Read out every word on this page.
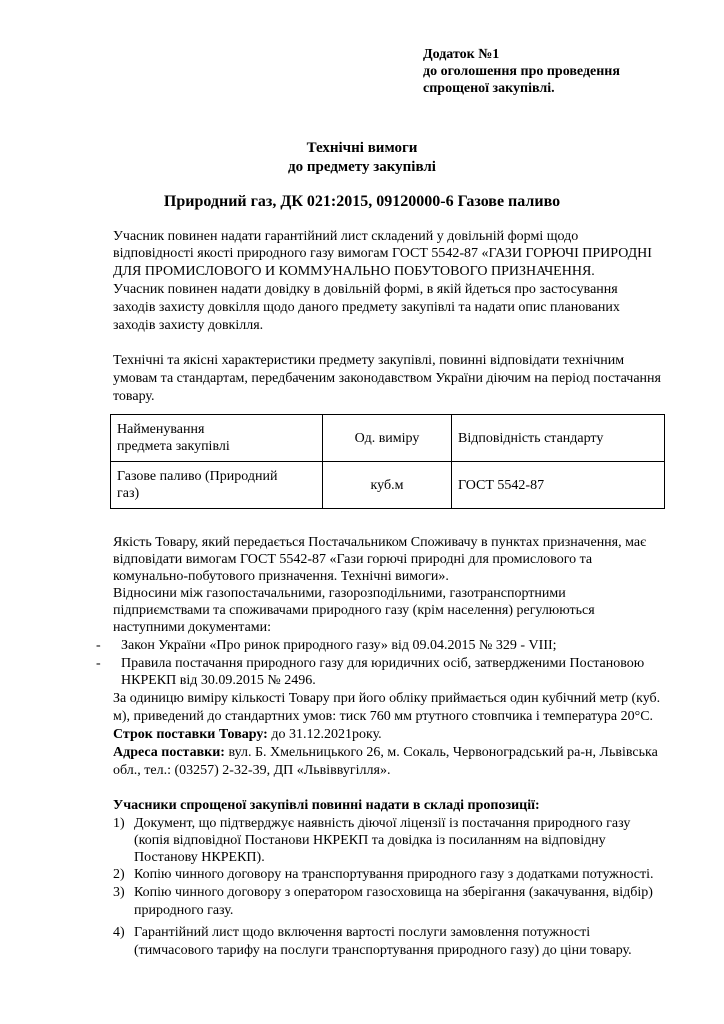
Додаток №1
до оголошення про проведення
спрощеної закупівлі.
Технічні вимоги
до предмету закупівлі
Природний газ, ДК 021:2015, 09120000-6 Газове паливо
Учасник повинен надати гарантійний лист складений у довільній формі щодо
відповідності якості природного газу вимогам ГОСТ 5542-87 «ГАЗИ ГОРЮЧІ ПРИРОДНІ
ДЛЯ ПРОМИСЛОВОГО И КОММУНАЛЬНО ПОБУТОВОГО ПРИЗНАЧЕННЯ.
Учасник повинен надати довідку в довільній формі, в якій йдеться про застосування
заходів захисту довкілля щодо даного предмету закупівлі та надати опис планованих
заходів захисту довкілля.
Технічні та якісні характеристики предмету закупівлі, повинні відповідати технічним
умовам та стандартам, передбаченим законодавством України діючим на період постачання
товару.
Найменування
предмета закупівлі	Од. виміру	Відповідність стандарту

Газове паливо (Природний
газ)	куб.м	ГОСТ 5542-87
Якість Товару, який передається Постачальником Споживачу в пунктах призначення, має
відповідати вимогам ГОСТ 5542-87 «Гази горючі природні для промислового та
комунально-побутового призначення. Технічні вимоги».
Відносини між газопостачальними, газорозподільними, газотранспортними
підприємствами та споживачами природного газу (крім населення) регулюються
наступними документами:
- Закон України «Про ринок природного газу» від 09.04.2015 № 329 - VIII;
- Правила постачання природного газу для юридичних осіб, затвердженими Постановою
НКРЕКП від 30.09.2015 № 2496.
За одиницю виміру кількості Товару при його обліку приймається один кубічний метр (куб.
м), приведений до стандартних умов: тиск 760 мм ртутного стовпчика і температура 20°С.
Строк поставки Товару: до 31.12.2021року.
Адреса поставки: вул. Б. Хмельницького 26, м. Сокаль, Червоноградський ра-н, Львівська
обл., тел.: (03257) 2-32-39, ДП «Львіввугілля».
Учасники спрощеної закупівлі повинні надати в складі пропозиції:
1) Документ, що підтверджує наявність діючої ліцензії із постачання природного газу
(копія відповідної Постанови НКРЕКП та довідка із посиланням на відповідну
Постанову НКРЕКП).
2) Копію чинного договору на транспортування природного газу з додатками потужності.
3) Копію чинного договору з оператором газосховища на зберігання (закачування, відбір)
природного газу.
4) Гарантійний лист щодо включення вартості послуги замовлення потужності
(тимчасового тарифу на послуги транспортування природного газу) до ціни товару.
